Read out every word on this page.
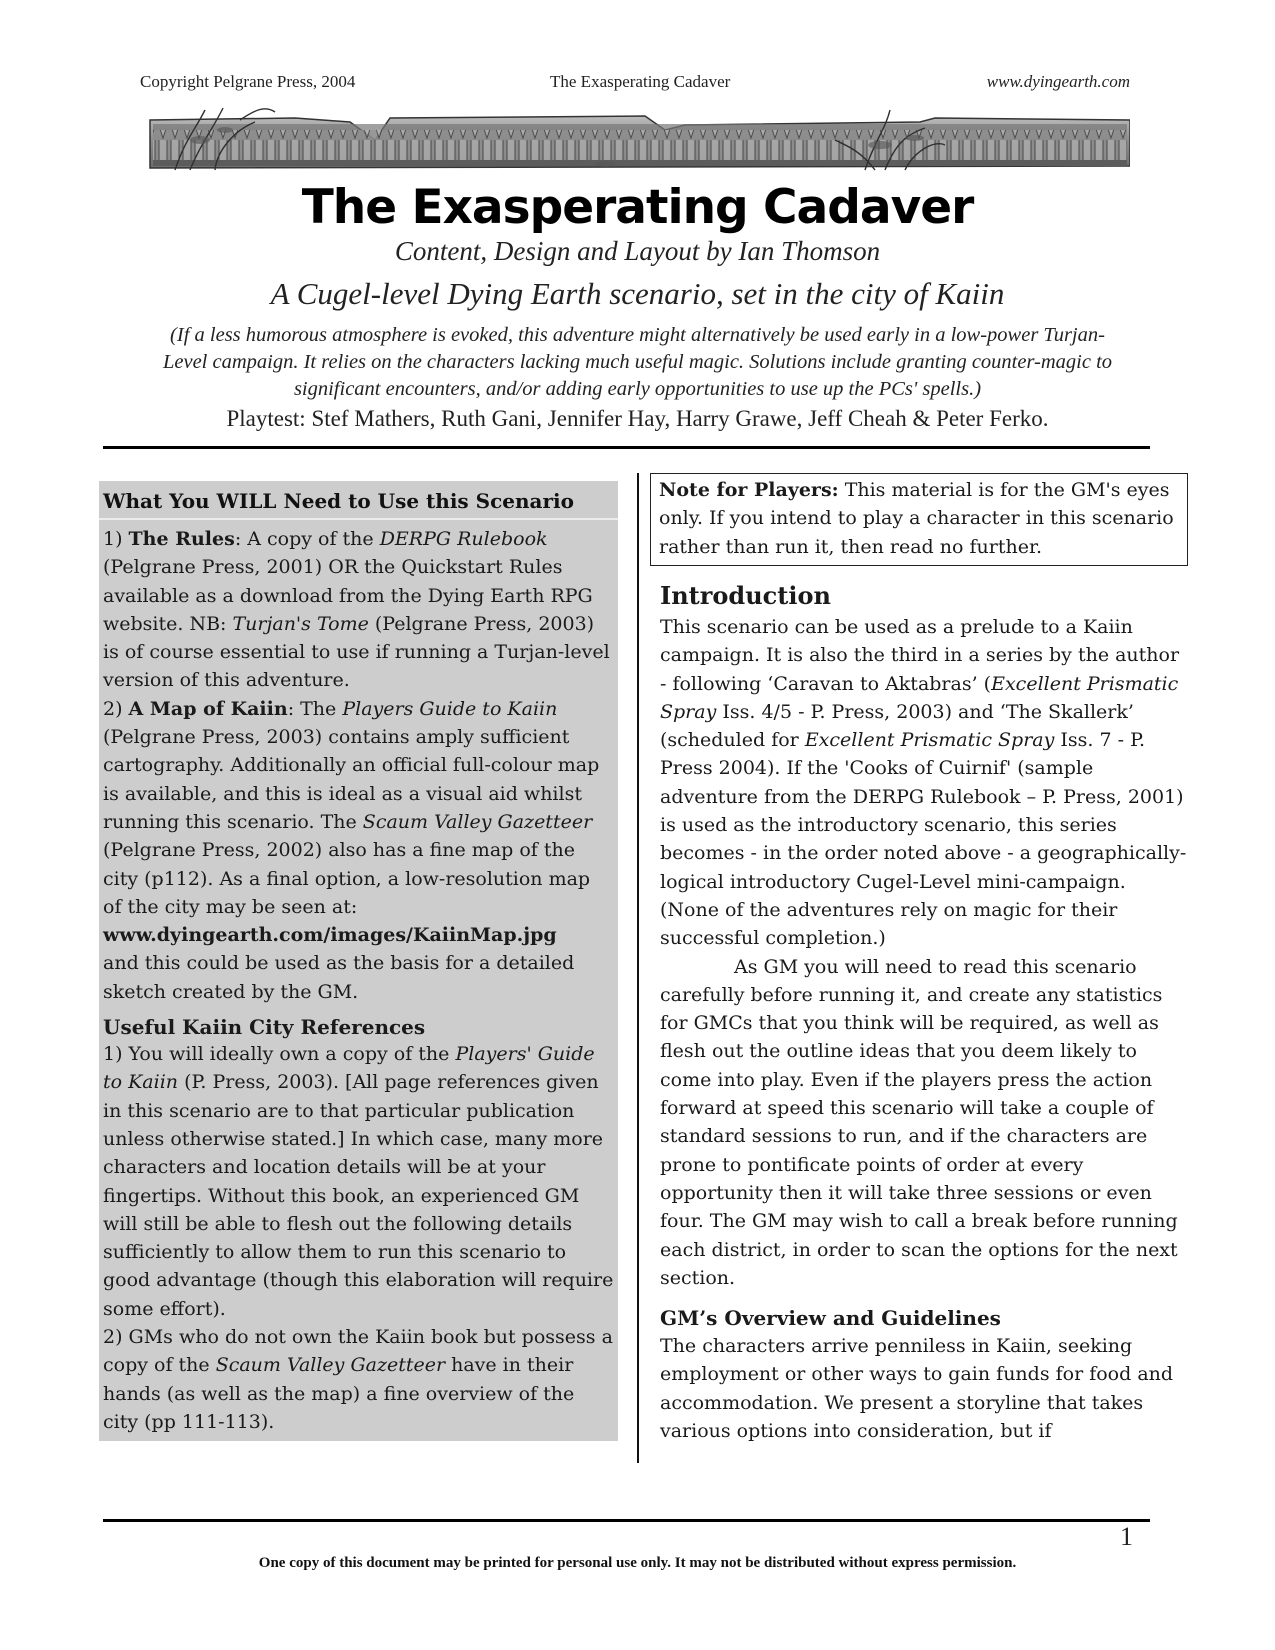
Copyright Pelgrane Press, 2004	The Exasperating Cadaver	www.dyingearth.com
The Exasperating Cadaver
Content, Design and Layout by Ian Thomson
A Cugel-level Dying Earth scenario, set in the city of Kaiin
(If a less humorous atmosphere is evoked, this adventure might alternatively be used early in a low-power Turjan-Level campaign. It relies on the characters lacking much useful magic. Solutions include granting counter-magic to significant encounters, and/or adding early opportunities to use up the PCs' spells.)
Playtest: Stef Mathers, Ruth Gani, Jennifer Hay, Harry Grawe, Jeff Cheah & Peter Ferko.
What You WILL Need to Use this Scenario

1) The Rules: A copy of the DERPG Rulebook (Pelgrane Press, 2001) OR the Quickstart Rules available as a download from the Dying Earth RPG website. NB: Turjan's Tome (Pelgrane Press, 2003) is of course essential to use if running a Turjan-level version of this adventure.

2) A Map of Kaiin: The Players Guide to Kaiin (Pelgrane Press, 2003) contains amply sufficient cartography. Additionally an official full-colour map is available, and this is ideal as a visual aid whilst running this scenario. The Scaum Valley Gazetteer (Pelgrane Press, 2002) also has a fine map of the city (p112). As a final option, a low-resolution map of the city may be seen at:
www.dyingearth.com/images/KaiinMap.jpg
and this could be used as the basis for a detailed sketch created by the GM.

Useful Kaiin City References

1) You will ideally own a copy of the Players' Guide to Kaiin (P. Press, 2003). [All page references given in this scenario are to that particular publication unless otherwise stated.] In which case, many more characters and location details will be at your fingertips. Without this book, an experienced GM will still be able to flesh out the following details sufficiently to allow them to run this scenario to good advantage (though this elaboration will require some effort).

2) GMs who do not own the Kaiin book but possess a copy of the Scaum Valley Gazetteer have in their hands (as well as the map) a fine overview of the city (pp 111-113).

Note for Players: This material is for the GM's eyes only. If you intend to play a character in this scenario rather than run it, then read no further.
Introduction

This scenario can be used as a prelude to a Kaiin campaign. It is also the third in a series by the author - following ‘Caravan to Aktabras’ (Excellent Prismatic Spray Iss. 4/5 - P. Press, 2003) and ‘The Skallerk’ (scheduled for Excellent Prismatic Spray Iss. 7 - P. Press 2004). If the 'Cooks of Cuirnif' (sample adventure from the DERPG Rulebook – P. Press, 2001) is used as the introductory scenario, this series becomes - in the order noted above - a geographically-logical introductory Cugel-Level mini-campaign. (None of the adventures rely on magic for their successful completion.)

As GM you will need to read this scenario carefully before running it, and create any statistics for GMCs that you think will be required, as well as flesh out the outline ideas that you deem likely to come into play. Even if the players press the action forward at speed this scenario will take a couple of standard sessions to run, and if the characters are prone to pontificate points of order at every opportunity then it will take three sessions or even four. The GM may wish to call a break before running each district, in order to scan the options for the next section.

GM’s Overview and Guidelines

The characters arrive penniless in Kaiin, seeking employment or other ways to gain funds for food and accommodation. We present a storyline that takes various options into consideration, but if

1
One copy of this document may be printed for personal use only. It may not be distributed without express permission.
